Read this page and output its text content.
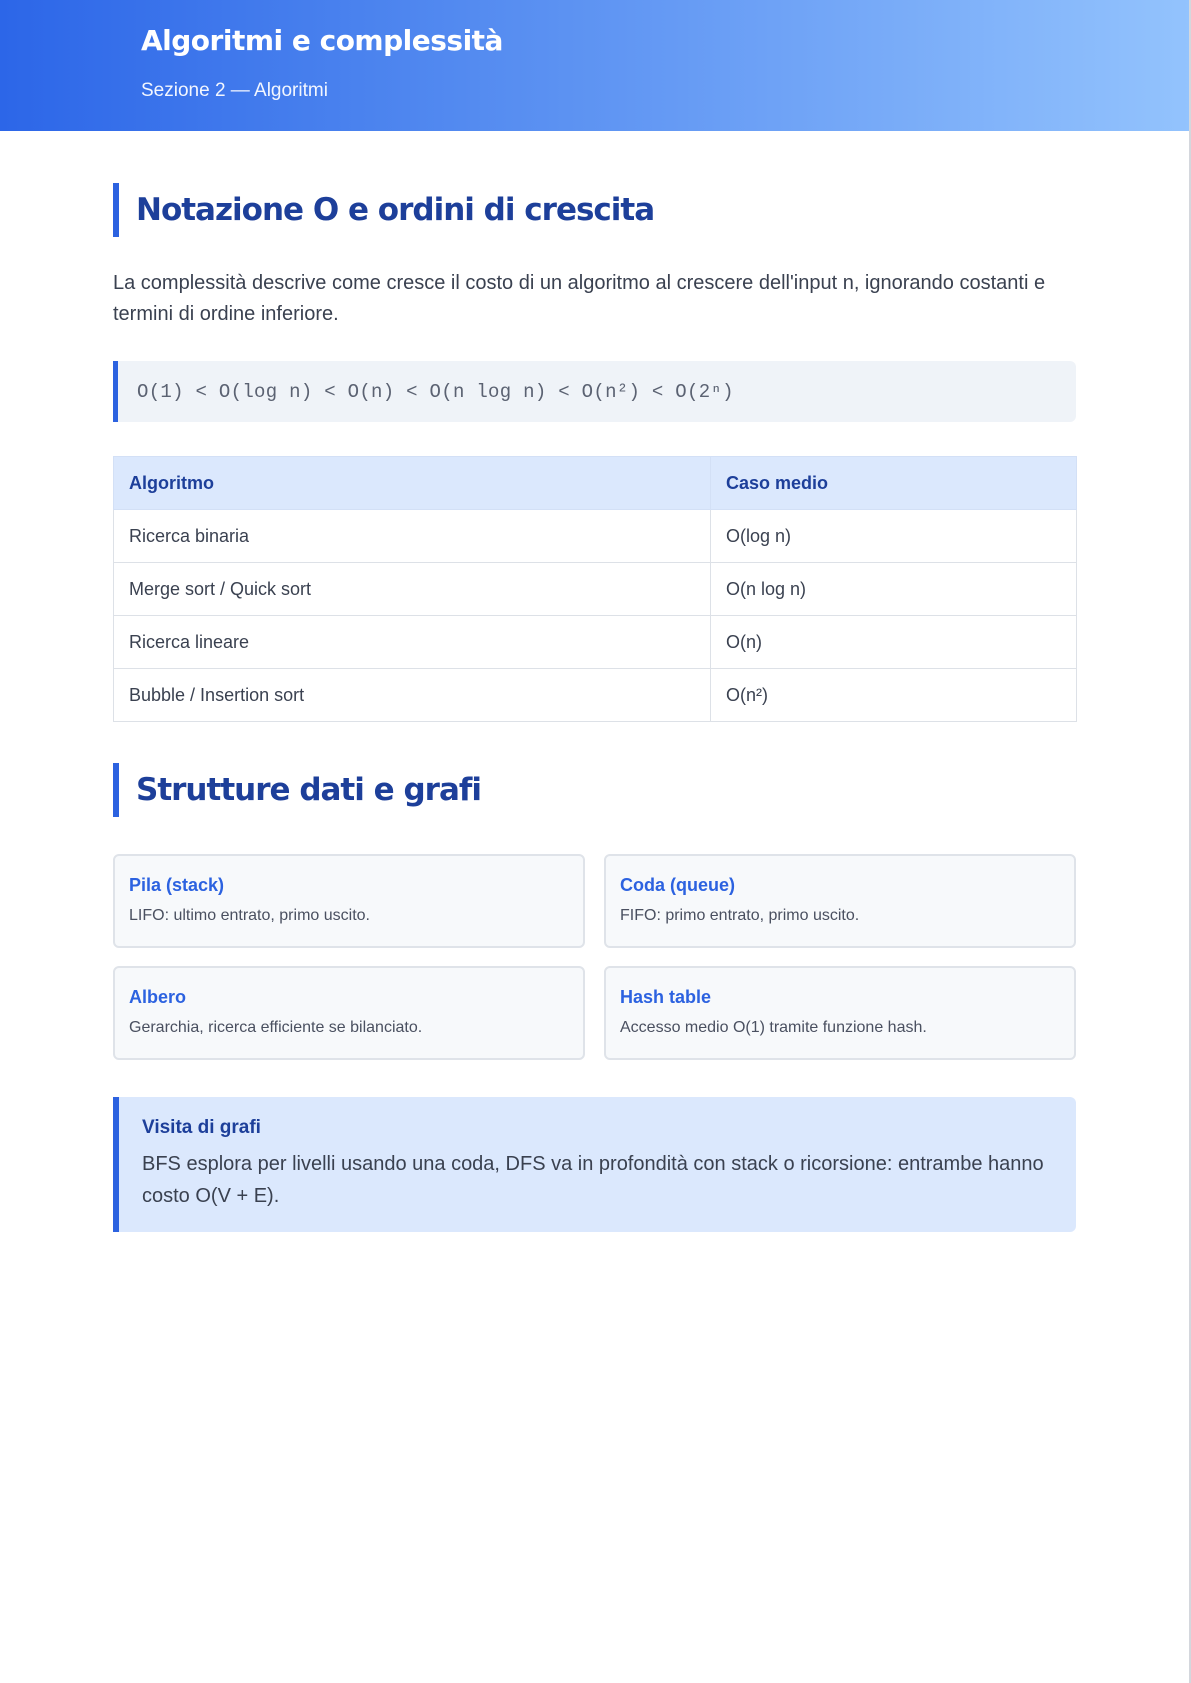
Algoritmi e complessità
Sezione 2 — Algoritmi
Notazione O e ordini di crescita

La complessità descrive come cresce il costo di un algoritmo al crescere dell'input n, ignorando costanti e termini di ordine inferiore.

O(1) < O(log n) < O(n) < O(n log n) < O(n²) < O(2ⁿ)
Algoritmo	Caso medio
Ricerca binaria	O(log n)
Merge sort / Quick sort	O(n log n)
Ricerca lineare	O(n)
Bubble / Insertion sort	O(n²)
Strutture dati e grafi
Pila (stack)
LIFO: ultimo entrato, primo uscito.
Coda (queue)
FIFO: primo entrato, primo uscito.
Albero
Gerarchia, ricerca efficiente se bilanciato.
Hash table
Accesso medio O(1) tramite funzione hash.
Visita di grafi
BFS esplora per livelli usando una coda, DFS va in profondità con stack o ricorsione: entrambe hanno costo O(V + E).
